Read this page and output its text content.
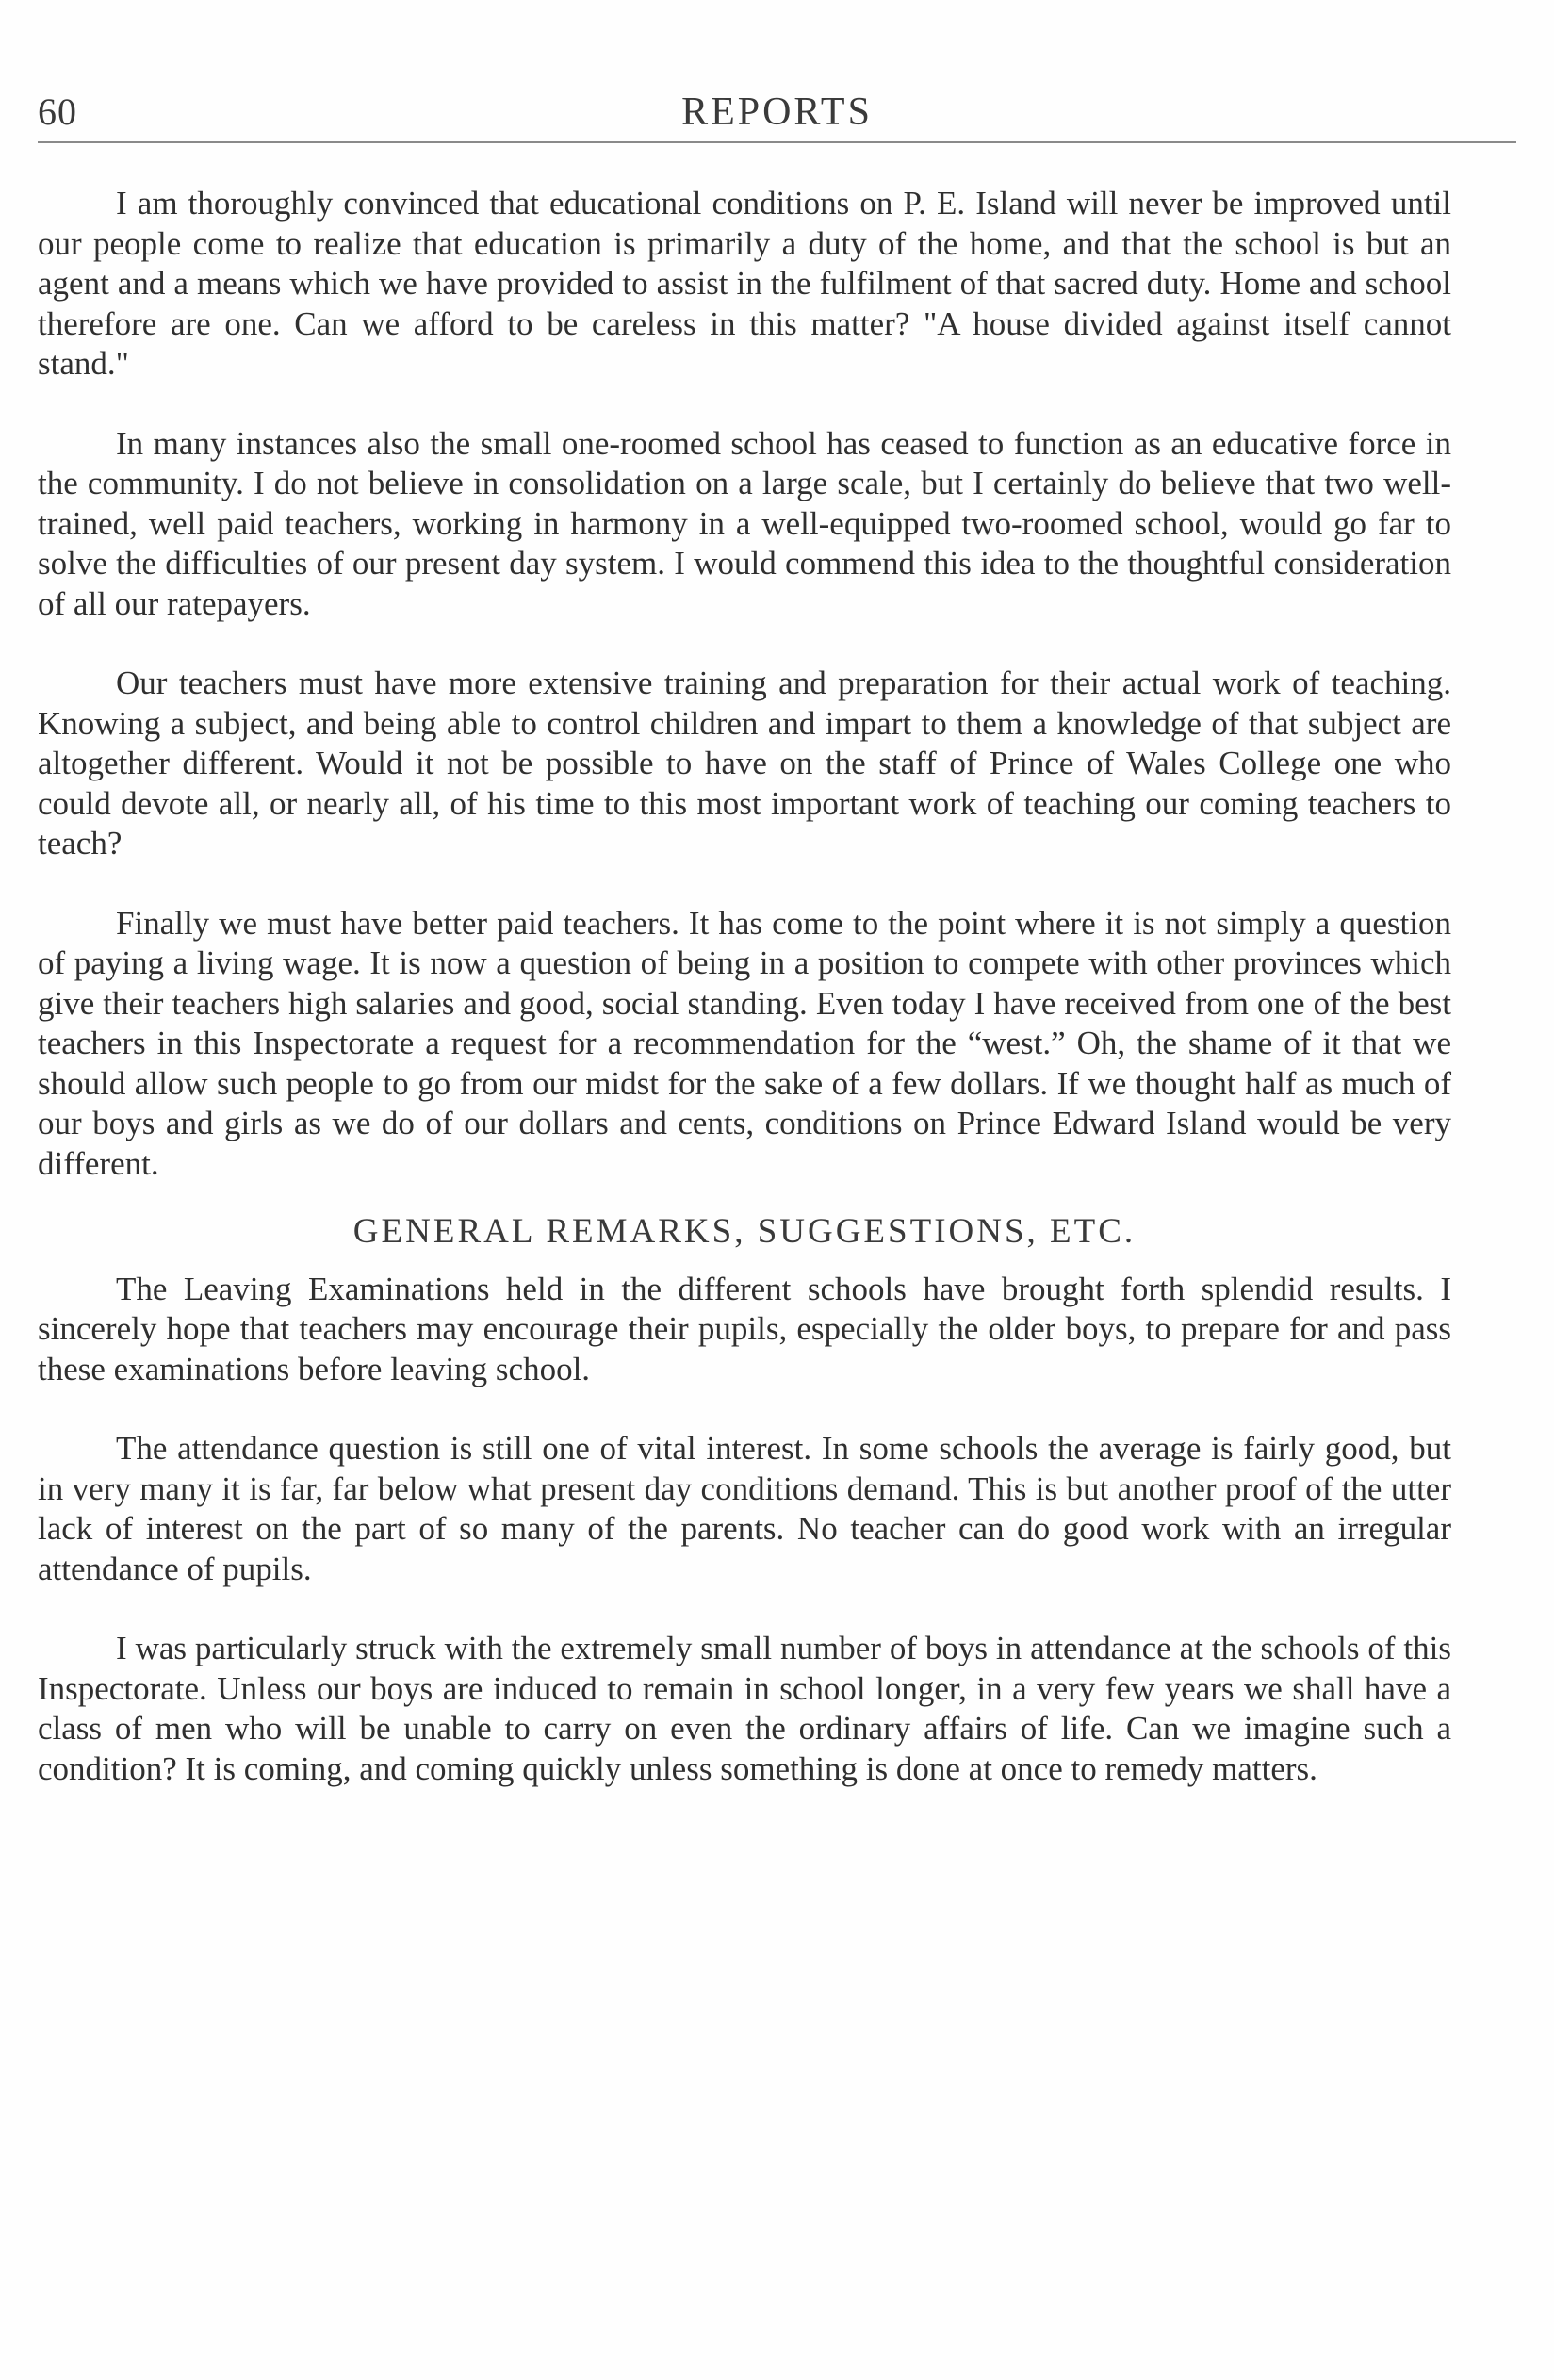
60	REPORTS

I am thoroughly convinced that educational conditions on P. E. Island will never be improved until our people come to realize that education is primarily a duty of the home, and that the school is but an agent and a means which we have provided to assist in the fulfilment of that sacred duty. Home and school therefore are one. Can we afford to be careless in this matter? "A house divided against itself cannot stand."

In many instances also the small one-roomed school has ceased to function as an educative force in the community. I do not believe in consolidation on a large scale, but I certainly do believe that two well-trained, well paid teachers, working in harmony in a well-equipped two-roomed school, would go far to solve the difficulties of our present day system. I would commend this idea to the thoughtful consideration of all our ratepayers.

Our teachers must have more extensive training and preparation for their actual work of teaching. Knowing a subject, and being able to control children and impart to them a knowledge of that subject are altogether different. Would it not be possible to have on the staff of Prince of Wales College one who could devote all, or nearly all, of his time to this most important work of teaching our coming teachers to teach?

Finally we must have better paid teachers. It has come to the point where it is not simply a question of paying a living wage. It is now a question of being in a position to compete with other provinces which give their teachers high salaries and good, social standing. Even today I have received from one of the best teachers in this Inspectorate a request for a recommendation for the “west.” Oh, the shame of it that we should allow such people to go from our midst for the sake of a few dollars. If we thought half as much of our boys and girls as we do of our dollars and cents, conditions on Prince Edward Island would be very different.

GENERAL REMARKS, SUGGESTIONS, ETC.

The Leaving Examinations held in the different schools have brought forth splendid results. I sincerely hope that teachers may encourage their pupils, especially the older boys, to prepare for and pass these examinations before leaving school.

The attendance question is still one of vital interest. In some schools the average is fairly good, but in very many it is far, far below what present day conditions demand. This is but another proof of the utter lack of interest on the part of so many of the parents. No teacher can do good work with an irregular attendance of pupils.

I was particularly struck with the extremely small number of boys in attendance at the schools of this Inspectorate. Unless our boys are induced to remain in school longer, in a very few years we shall have a class of men who will be unable to carry on even the ordinary affairs of life. Can we imagine such a condition? It is coming, and coming quickly unless something is done at once to remedy matters.
